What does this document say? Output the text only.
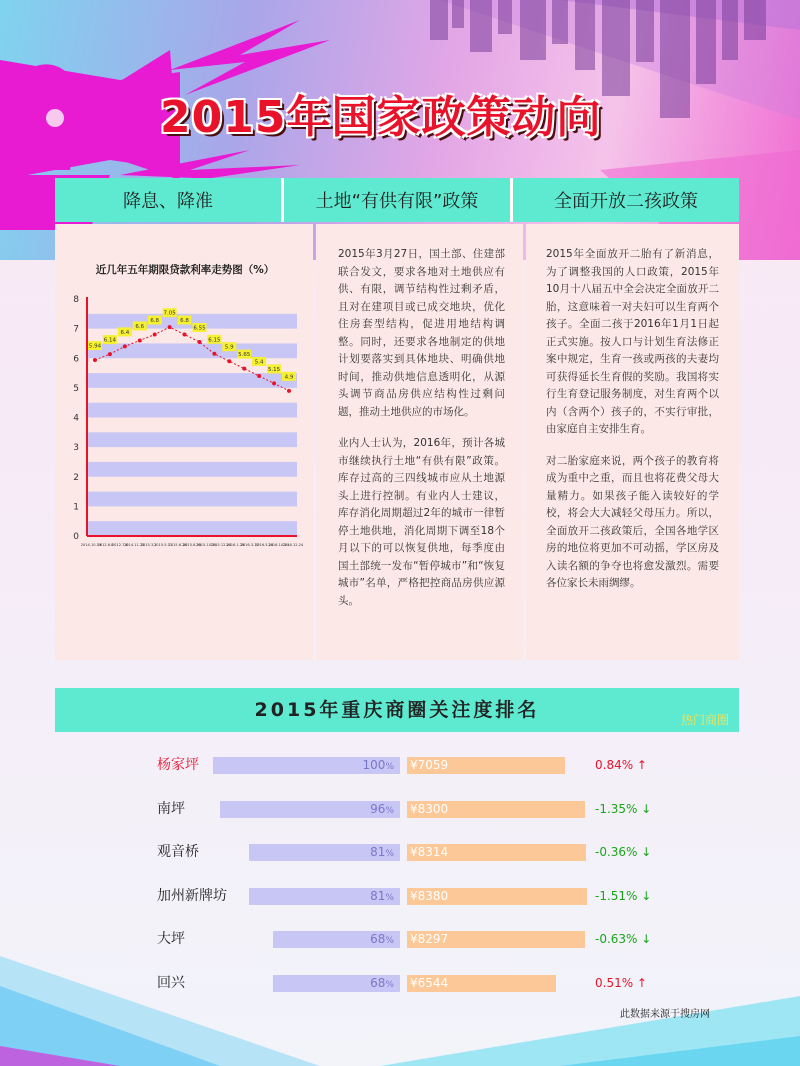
2015年国家政策动向
降息、降准	土地“有供有限”政策	全面开放二孩政策
近几年五年期限贷款利率走势图（%）
0
1
2
3
4
5
6
7
8
2014.10.19
2012.6.8
2012.7.6
2014.11.22
2015.3.1
2015.5.11
2015.6.28
2015.8.26
2015.10.24
2015.12.24
2016.1.25
2016.3.12
2016.5.24
2016.10.24
2016.12.24
5.94
6.14
6.4
6.6
6.8
7.05
6.8
6.55
6.15
5.9
5.65
5.4
5.15
4.9

2015年3月27日，国土部、住建部联合发文，要求各地对土地供应有供、有限，调节结构性过剩矛盾，且对在建项目或已成交地块，优化住房套型结构，促进用地结构调整。同时，还要求各地制定的供地计划要落实到具体地块、明确供地时间，推动供地信息透明化，从源头调节商品房供应结构性过剩问题，推动土地供应的市场化。

业内人士认为，2016年，预计各城市继续执行土地“有供有限”政策。库存过高的三四线城市应从土地源头上进行控制。有业内人士建议，库存消化周期超过2年的城市一律暂停土地供地，消化周期下调至18个月以下的可以恢复供地，每季度由国土部统一发布“暂停城市”和“恢复城市”名单，严格把控商品房供应源头。

2015年全面放开二胎有了新消息，为了调整我国的人口政策，2015年10月十八届五中全会决定全面放开二胎，这意味着一对夫妇可以生育两个孩子。全面二孩于2016年1月1日起正式实施。按人口与计划生育法修正案中规定，生育一孩或两孩的夫妻均可获得延长生育假的奖励。我国将实行生育登记服务制度，对生育两个以内（含两个）孩子的，不实行审批，由家庭自主安排生育。

对二胎家庭来说，两个孩子的教育将成为重中之重，而且也将花费父母大量精力。如果孩子能入读较好的学校，将会大大减轻父母压力。所以，全面放开二孩政策后，全国各地学区房的地位将更加不可动摇，学区房及入读名额的争夺也将愈发激烈。需要各位家长未雨绸缪。

2015年重庆商圈关注度排名	热门商圈
杨家坪	100%	¥7059	0.84% ↑
南坪	96%	¥8300	-1.35% ↓
观音桥	81%	¥8314	-0.36% ↓
加州新牌坊	81%	¥8380	-1.51% ↓
大坪	68%	¥8297	-0.63% ↓
回兴	68%	¥6544	0.51% ↑
此数据来源于搜房网
